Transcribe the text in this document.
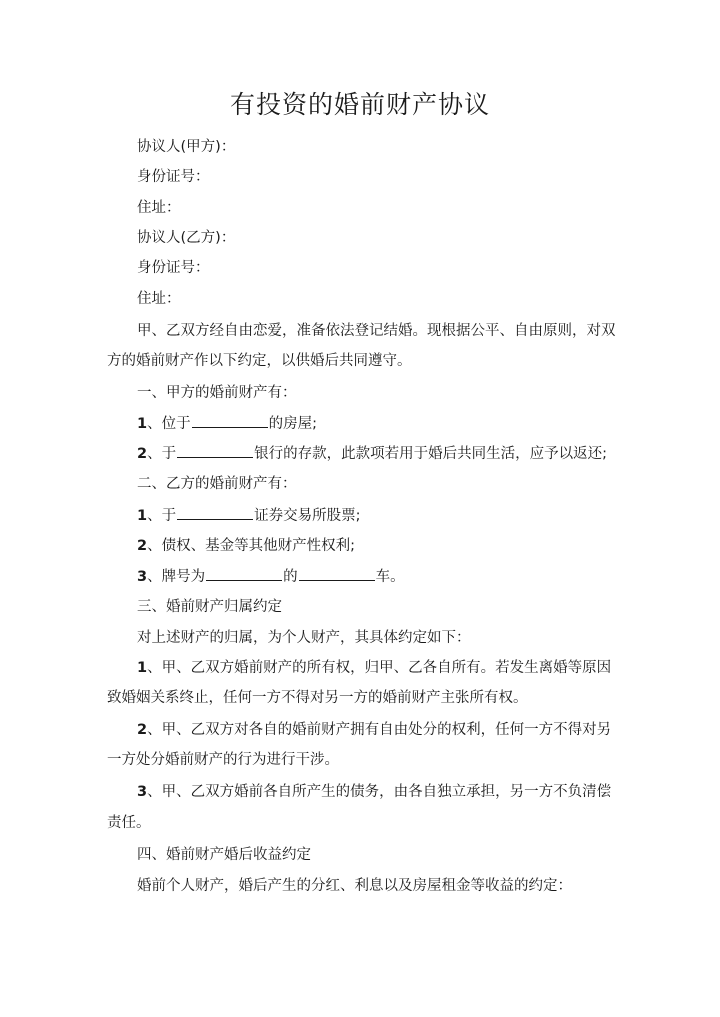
有投资的婚前财产协议
协议人(甲方)：
身份证号：
住址：
协议人(乙方)：
身份证号：
住址：
甲、乙双方经自由恋爱，准备依法登记结婚。现根据公平、自由原则，对双
方的婚前财产作以下约定，以供婚后共同遵守。
一、甲方的婚前财产有：
1、位于	的房屋;
2、于	银行的存款，此款项若用于婚后共同生活，应予以返还;
二、乙方的婚前财产有：
1、于	证券交易所股票;
2、债权、基金等其他财产性权利;
3、牌号为	的	车。
三、婚前财产归属约定
对上述财产的归属，为个人财产，其具体约定如下：
1、甲、乙双方婚前财产的所有权，归甲、乙各自所有。若发生离婚等原因
致婚姻关系终止，任何一方不得对另一方的婚前财产主张所有权。
2、甲、乙双方对各自的婚前财产拥有自由处分的权利，任何一方不得对另
一方处分婚前财产的行为进行干涉。
3、甲、乙双方婚前各自所产生的债务，由各自独立承担，另一方不负清偿
责任。
四、婚前财产婚后收益约定
婚前个人财产，婚后产生的分红、利息以及房屋租金等收益的约定：
